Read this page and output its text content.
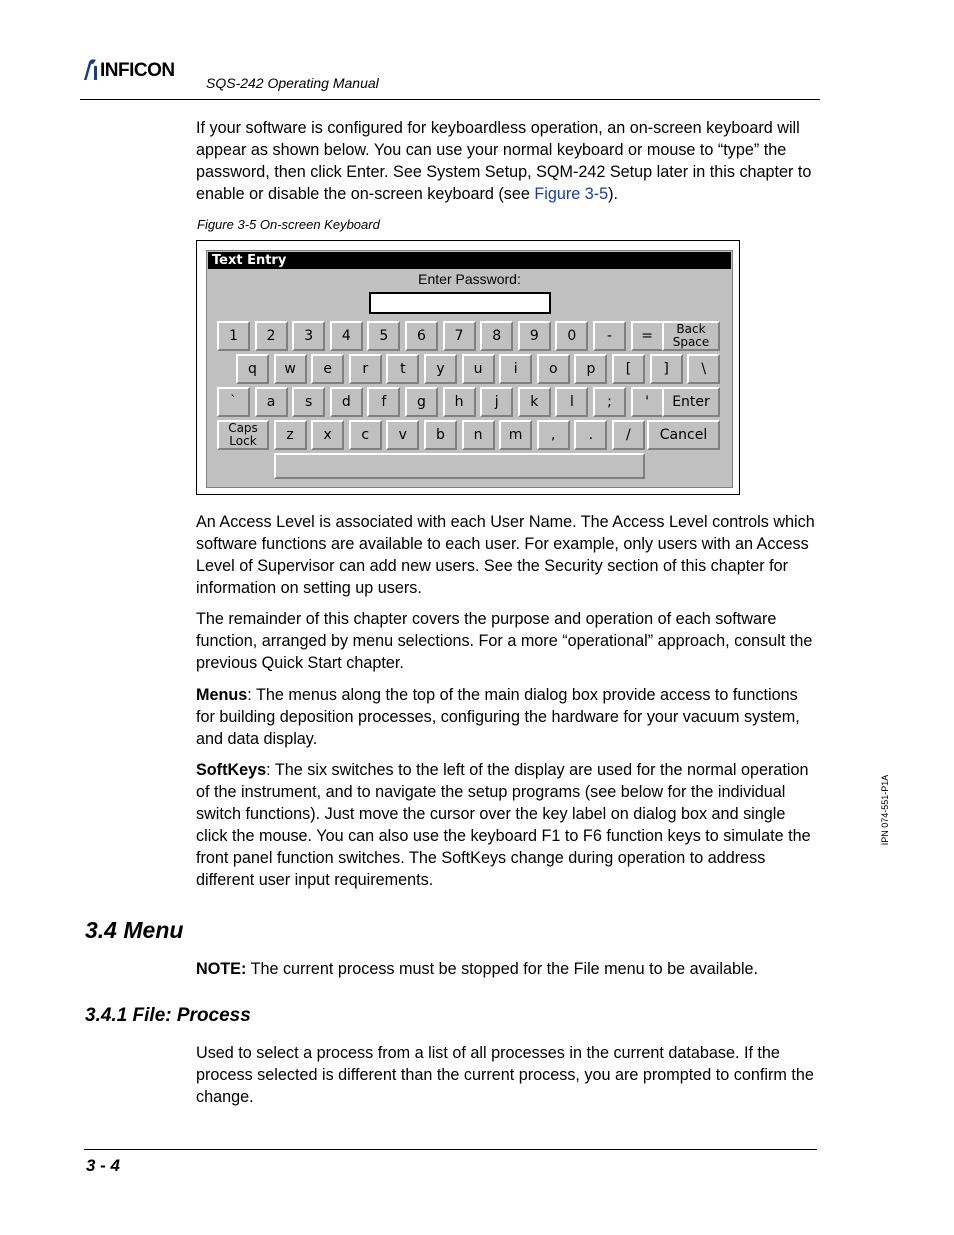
INFICON
SQS-242 Operating Manual

If your software is configured for keyboardless operation, an on-screen keyboard will appear as shown below. You can use your normal keyboard or mouse to “type” the password, then click Enter. See System Setup, SQM-242 Setup later in this chapter to enable or disable the on-screen keyboard (see Figure 3-5).

Figure 3-5 On-screen Keyboard
Text Entry
Enter Password:
1	2	3	4	5	6	7	8	9	0	-	=	Back
Space
q	w	e	r	t	y	u	i	o	p	[	]	\
`	a	s	d	f	g	h	j	k	l	;	'	Enter
Caps
Lock	z	x	c	v	b	n	m	,	.	/	Cancel

An Access Level is associated with each User Name. The Access Level controls which software functions are available to each user. For example, only users with an Access Level of Supervisor can add new users. See the Security section of this chapter for information on setting up users.

The remainder of this chapter covers the purpose and operation of each software function, arranged by menu selections. For a more “operational” approach, consult the previous Quick Start chapter.

Menus: The menus along the top of the main dialog box provide access to functions for building deposition processes, configuring the hardware for your vacuum system, and data display.

SoftKeys: The six switches to the left of the display are used for the normal operation of the instrument, and to navigate the setup programs (see below for the individual switch functions). Just move the cursor over the key label on dialog box and single click the mouse. You can also use the keyboard F1 to F6 function keys to simulate the front panel function switches. The SoftKeys change during operation to address different user input requirements.

3.4 Menu

NOTE: The current process must be stopped for the File menu to be available.

3.4.1 File: Process

Used to select a process from a list of all processes in the current database. If the process selected is different than the current process, you are prompted to confirm the change.

IPN 074-551-P1A
3 - 4
